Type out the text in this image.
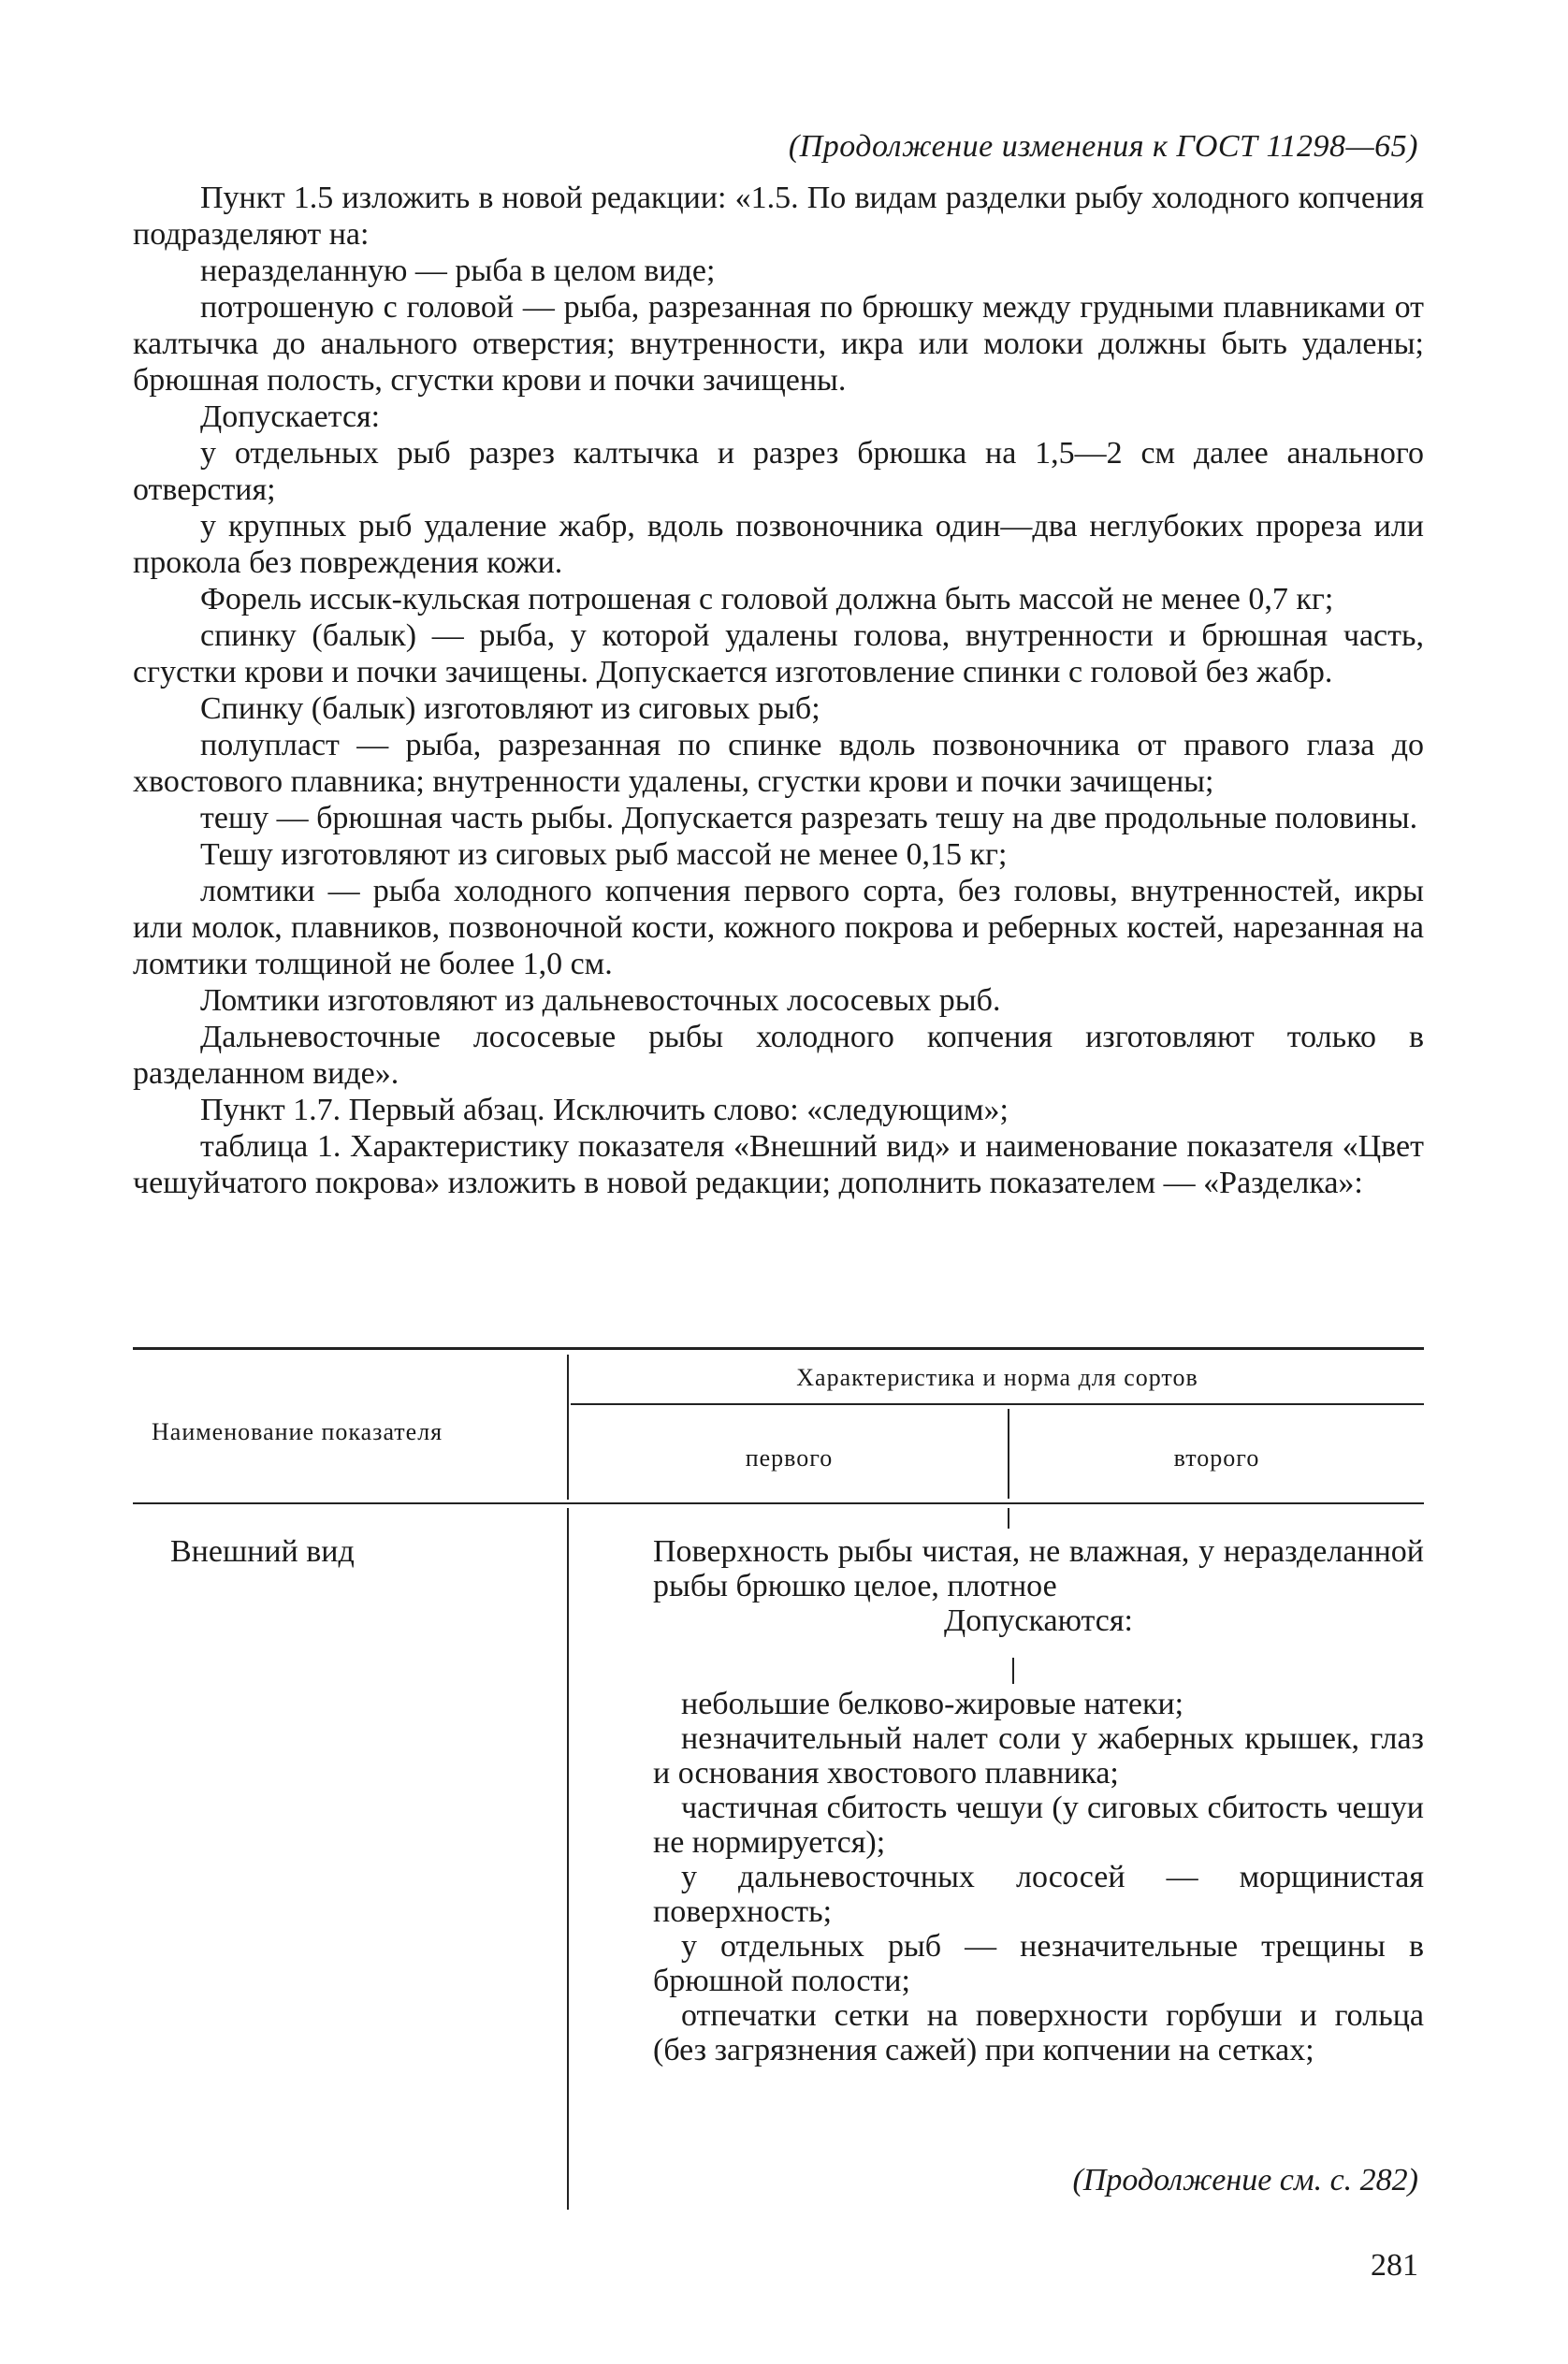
(Продолжение изменения к ГОСТ 11298—65)

Пункт 1.5 изложить в новой редакции: «1.5. По видам разделки рыбу холодного копчения подразделяют на:

неразделанную — рыба в целом виде;

потрошеную с головой — рыба, разрезанная по брюшку между грудными плавниками от калтычка до анального отверстия; внутренности, икра или молоки должны быть удалены; брюшная полость, сгустки крови и почки зачищены.

Допускается:

у отдельных рыб разрез калтычка и разрез брюшка на 1,5—2 см далее анального отверстия;

у крупных рыб удаление жабр, вдоль позвоночника один—два неглубоких прореза или прокола без повреждения кожи.

Форель иссык-кульская потрошеная с головой должна быть массой не менее 0,7 кг;

спинку (балык) — рыба, у которой удалены голова, внутренности и брюшная часть, сгустки крови и почки зачищены. Допускается изготовление спинки с головой без жабр.

Спинку (балык) изготовляют из сиговых рыб;

полупласт — рыба, разрезанная по спинке вдоль позвоночника от правого глаза до хвостового плавника; внутренности удалены, сгустки крови и почки зачищены;

тешу — брюшная часть рыбы. Допускается разрезать тешу на две продольные половины.

Тешу изготовляют из сиговых рыб массой не менее 0,15 кг;

ломтики — рыба холодного копчения первого сорта, без головы, внутренностей, икры или молок, плавников, позвоночной кости, кожного покрова и реберных костей, нарезанная на ломтики толщиной не более 1,0 см.

Ломтики изготовляют из дальневосточных лососевых рыб.

Дальневосточные лососевые рыбы холодного копчения изготовляют только в разделанном виде».

Пункт 1.7. Первый абзац. Исключить слово: «следующим»;

таблица 1. Характеристику показателя «Внешний вид» и наименование показателя «Цвет чешуйчатого покрова» изложить в новой редакции; дополнить показателем — «Разделка»:

Наименование показателя
Характеристика и норма для сортов
первого	второго
Внешний вид	Поверхность рыбы чистая, не влажная, у неразделанной рыбы брюшко целое, плотное

Допускаются:

небольшие белково-жировые натеки;

незначительный налет соли у жаберных крышек, глаз и основания хвостового плавника;

частичная сбитость чешуи (у сиговых сбитость чешуи не нормируется);

у дальневосточных лососей — морщинистая поверхность;

у отдельных рыб — незначительные трещины в брюшной полости;

отпечатки сетки на поверхности горбуши и гольца (без загрязнения сажей) при копчении на сетках;

(Продолжение см. с. 282)
281
